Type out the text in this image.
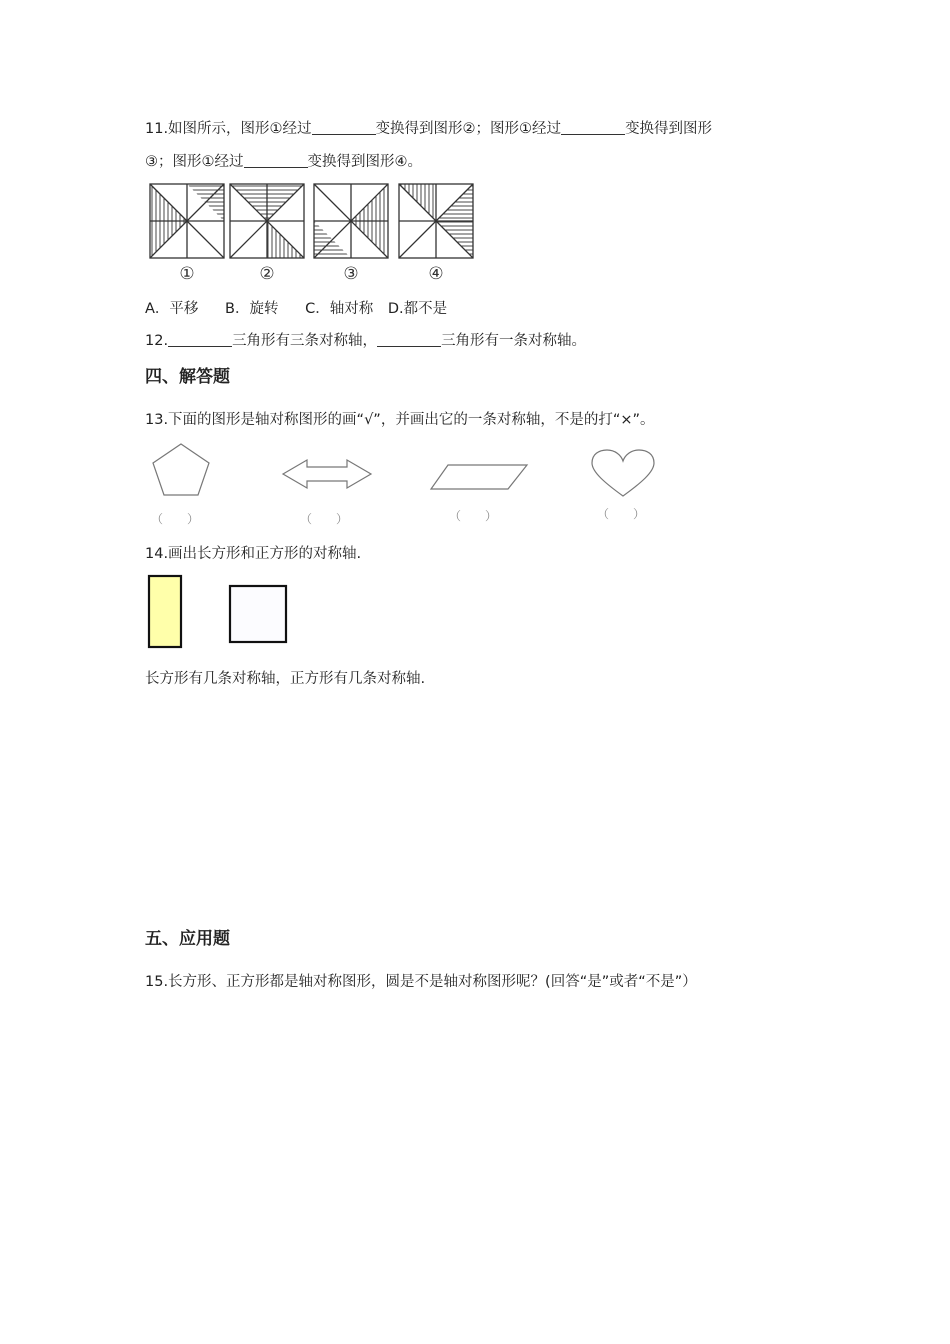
11.如图所示，图形①经过	变换得到图形②；图形①经过	变换得到图形
③；图形①经过	变换得到图形④。
①	②	③	④
A．平移 B．旋转 C．轴对称 D.都不是
12.	三角形有三条对称轴，	三角形有一条对称轴。
四、解答题
13.下面的图形是轴对称图形的画“√”，并画出它的一条对称轴，不是的打“×”。
（　　）	（　　）	（　　）	（　　）
14.画出长方形和正方形的对称轴.
长方形有几条对称轴，正方形有几条对称轴.
五、应用题
15.长方形、正方形都是轴对称图形，圆是不是轴对称图形呢？(回答“是”或者“不是”）
